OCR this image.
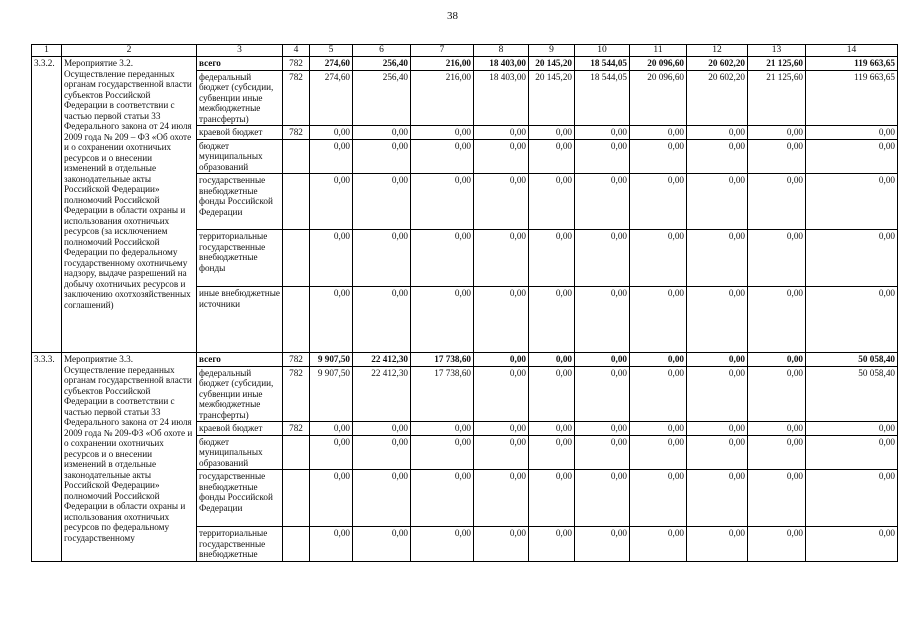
38
1	2	3	4	5	6	7	8	9	10	11	12	13	14
3.3.2.	Мероприятие 3.2. Осуществление переданных органам государственной власти субъектов Российской Федерации в соответствии с частью первой статьи 33 Федерального закона от 24 июля 2009 года № 209 – ФЗ «Об охоте и о сохранении охотничьих ресурсов и о внесении изменений в отдельные законодательные акты Российской Федерации» полномочий Российской Федерации в области охраны и использования охотничьих ресурсов (за исключением полномочий Российской Федерации по федеральному государственному охотничьему надзору, выдаче разрешений на добычу охотничьих ресурсов и заключению охотхозяйственных соглашений)	всего	782	274,60	256,40	216,00	18 403,00	20 145,20	18 544,05	20 096,60	20 602,20	21 125,60	119 663,65
		федеральный бюджет (субсидии, субвенции иные межбюджетные трансферты)	782	274,60	256,40	216,00	18 403,00	20 145,20	18 544,05	20 096,60	20 602,20	21 125,60	119 663,65
		краевой бюджет	782	0,00	0,00	0,00	0,00	0,00	0,00	0,00	0,00	0,00	0,00
		бюджет муниципальных образований		0,00	0,00	0,00	0,00	0,00	0,00	0,00	0,00	0,00	0,00
		государственные внебюджетные фонды Российской Федерации		0,00	0,00	0,00	0,00	0,00	0,00	0,00	0,00	0,00	0,00
		территориальные государственные внебюджетные фонды		0,00	0,00	0,00	0,00	0,00	0,00	0,00	0,00	0,00	0,00
		иные внебюджетные источники		0,00	0,00	0,00	0,00	0,00	0,00	0,00	0,00	0,00	0,00
3.3.3.	Мероприятие 3.3. Осуществление переданных органам государственной власти субъектов Российской Федерации в соответствии с частью первой статьи 33 Федерального закона от 24 июля 2009 года № 209-ФЗ «Об охоте и о сохранении охотничьих ресурсов и о внесении изменений в отдельные законодательные акты Российской Федерации» полномочий Российской Федерации в области охраны и использования охотничьих ресурсов по федеральному государственному	всего	782	9 907,50	22 412,30	17 738,60	0,00	0,00	0,00	0,00	0,00	0,00	50 058,40
		федеральный бюджет (субсидии, субвенции иные межбюджетные трансферты)	782	9 907,50	22 412,30	17 738,60	0,00	0,00	0,00	0,00	0,00	0,00	50 058,40
		краевой бюджет	782	0,00	0,00	0,00	0,00	0,00	0,00	0,00	0,00	0,00	0,00
		бюджет муниципальных образований		0,00	0,00	0,00	0,00	0,00	0,00	0,00	0,00	0,00	0,00
		государственные внебюджетные фонды Российской Федерации		0,00	0,00	0,00	0,00	0,00	0,00	0,00	0,00	0,00	0,00
		территориальные государственные внебюджетные		0,00	0,00	0,00	0,00	0,00	0,00	0,00	0,00	0,00	0,00
